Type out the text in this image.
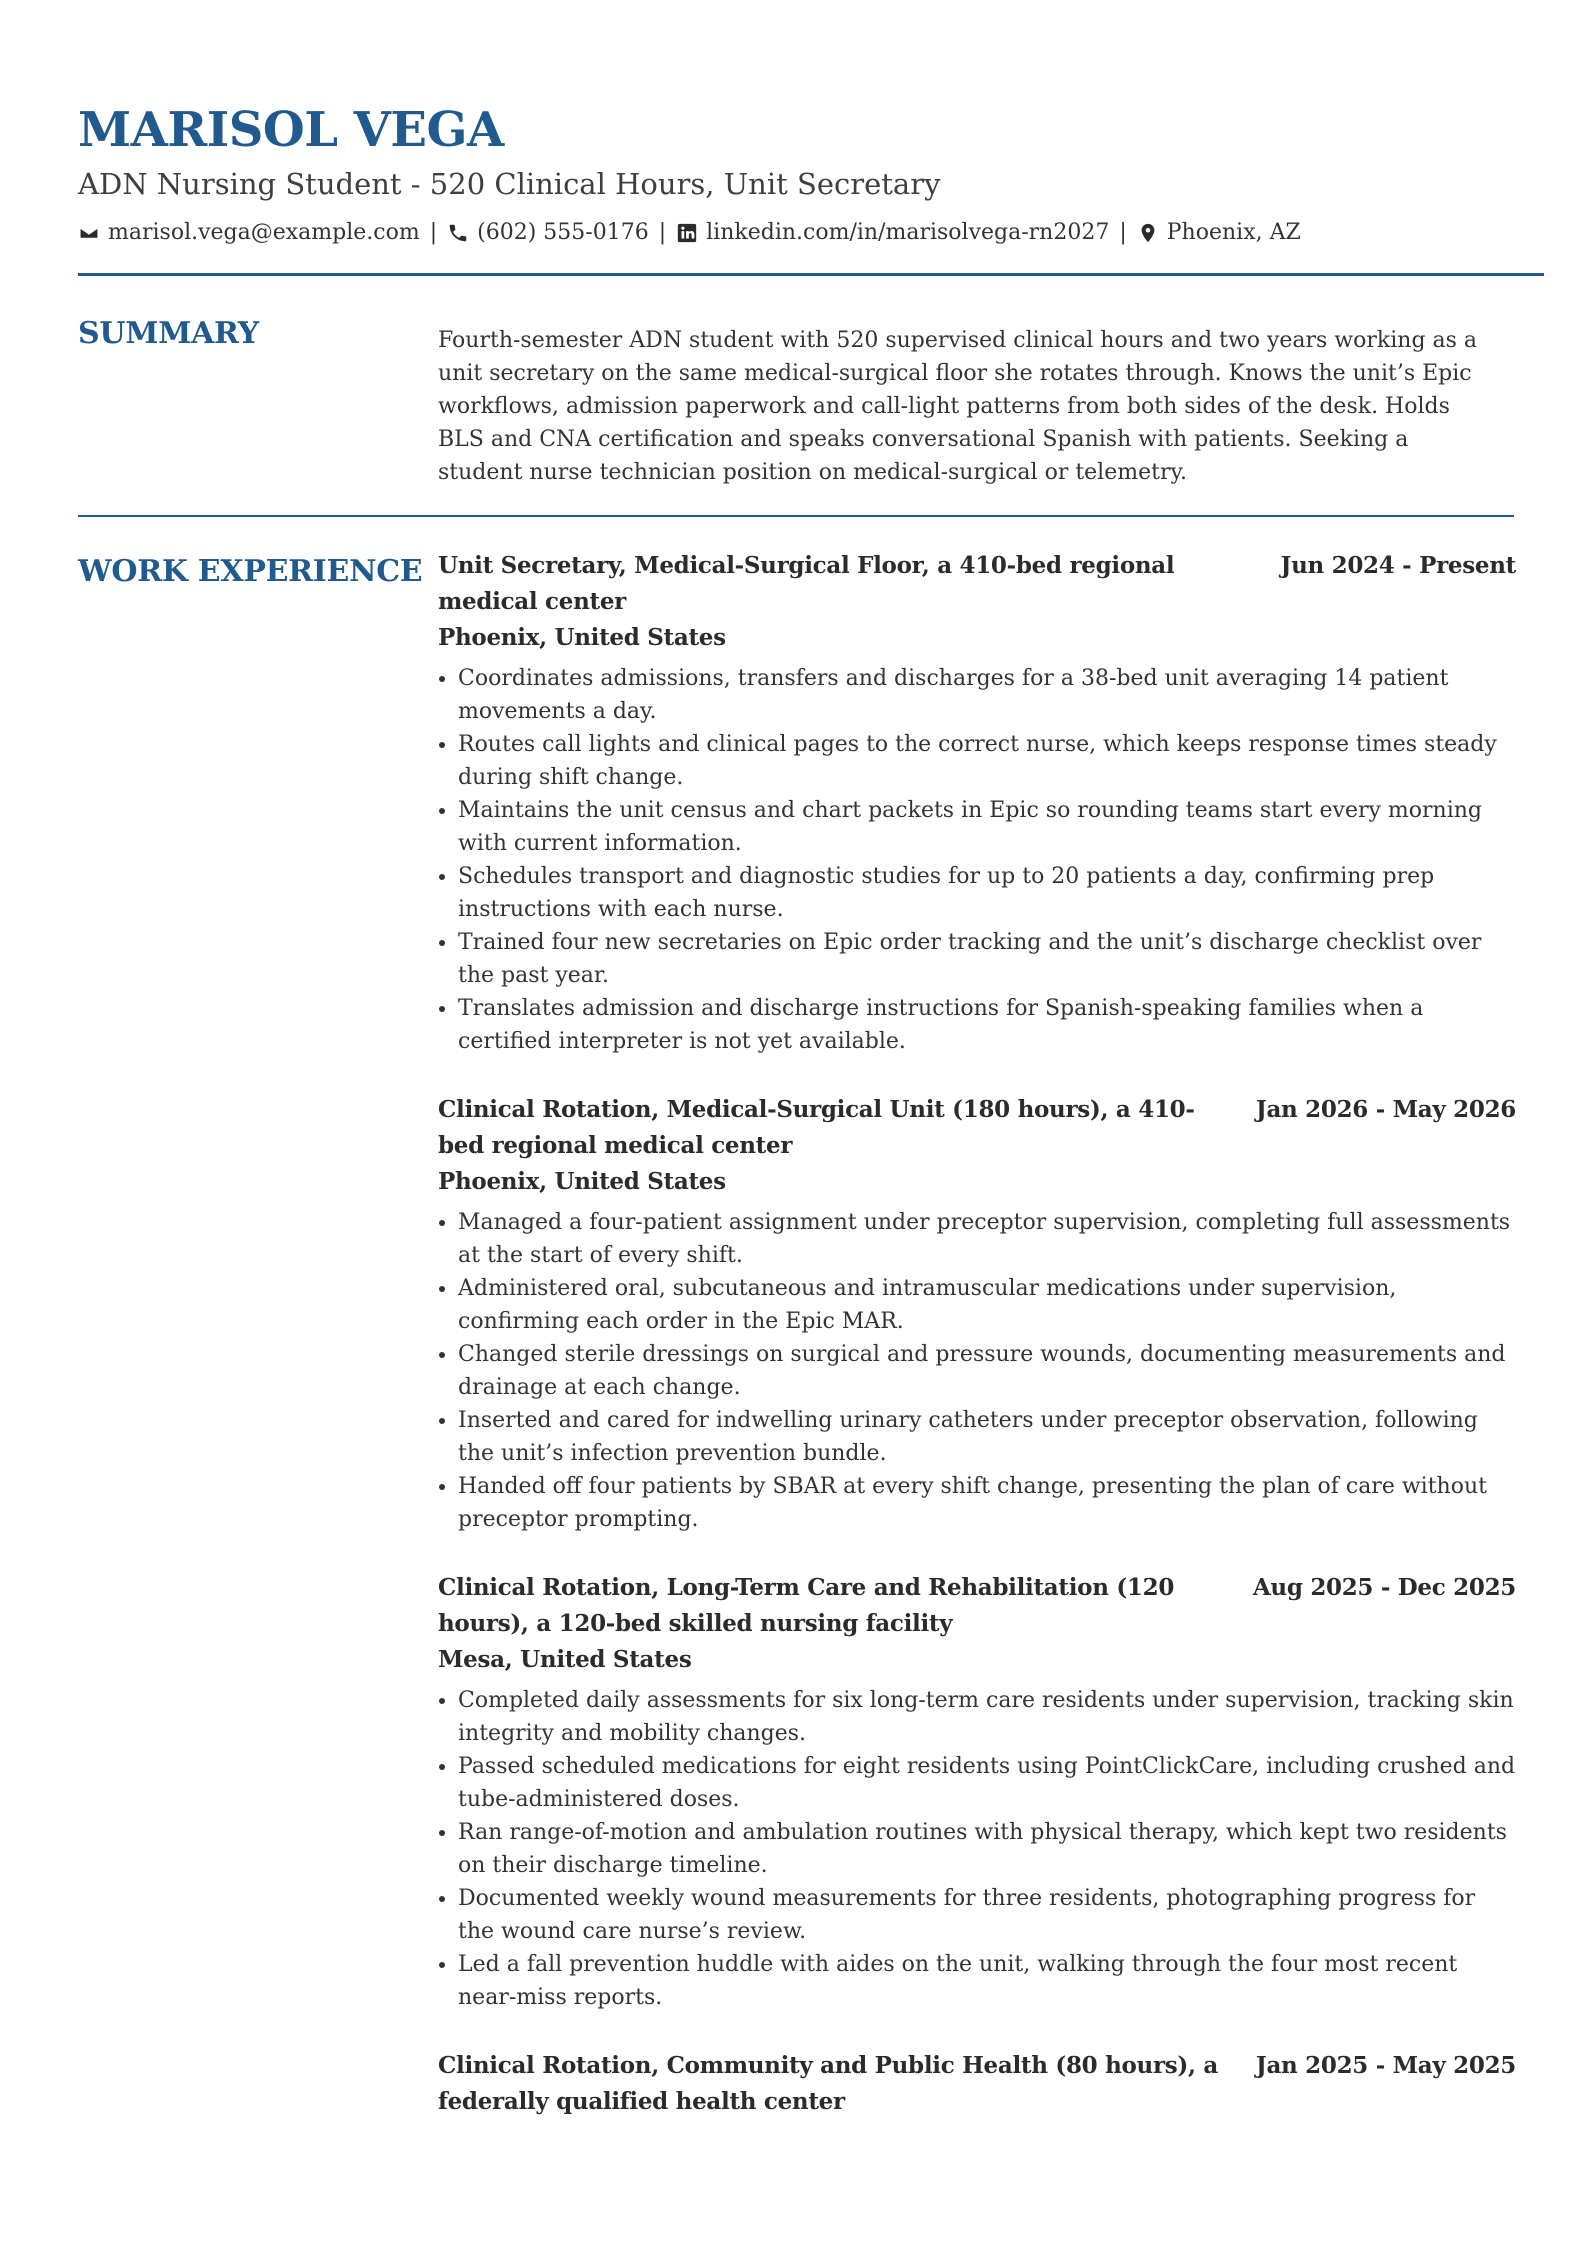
MARISOL VEGA
ADN Nursing Student - 520 Clinical Hours, Unit Secretary
marisol.vega@example.com | (602) 555-0176 | linkedin.com/in/marisolvega-rn2027 | Phoenix, AZ
SUMMARY	Fourth-semester ADN student with 520 supervised clinical hours and two years working as a unit secretary on the same medical-surgical floor she rotates through. Knows the unit’s Epic workflows, admission paperwork and call-light patterns from both sides of the desk. Holds BLS and CNA certification and speaks conversational Spanish with patients. Seeking a student nurse technician position on medical-surgical or telemetry.

WORK EXPERIENCE Unit Secretary, Medical-Surgical Floor, a 410-bed regional medical center
Jun 2024 - Present
Phoenix, United States
• Coordinates admissions, transfers and discharges for a 38-bed unit averaging 14 patient movements a day.
• Routes call lights and clinical pages to the correct nurse, which keeps response times steady during shift change.
• Maintains the unit census and chart packets in Epic so rounding teams start every morning with current information.
• Schedules transport and diagnostic studies for up to 20 patients a day, confirming prep instructions with each nurse.
• Trained four new secretaries on Epic order tracking and the unit’s discharge checklist over the past year.
• Translates admission and discharge instructions for Spanish-speaking families when a certified interpreter is not yet available.
Clinical Rotation, Medical-Surgical Unit (180 hours), a 410-bed regional medical center
Jan 2026 - May 2026
Phoenix, United States
• Managed a four-patient assignment under preceptor supervision, completing full assessments at the start of every shift.
• Administered oral, subcutaneous and intramuscular medications under supervision, confirming each order in the Epic MAR.
• Changed sterile dressings on surgical and pressure wounds, documenting measurements and drainage at each change.
• Inserted and cared for indwelling urinary catheters under preceptor observation, following the unit’s infection prevention bundle.
• Handed off four patients by SBAR at every shift change, presenting the plan of care without preceptor prompting.
Clinical Rotation, Long-Term Care and Rehabilitation (120 hours), a 120-bed skilled nursing facility
Aug 2025 - Dec 2025
Mesa, United States
• Completed daily assessments for six long-term care residents under supervision, tracking skin integrity and mobility changes.
• Passed scheduled medications for eight residents using PointClickCare, including crushed and tube-administered doses.
• Ran range-of-motion and ambulation routines with physical therapy, which kept two residents on their discharge timeline.
• Documented weekly wound measurements for three residents, photographing progress for the wound care nurse’s review.
• Led a fall prevention huddle with aides on the unit, walking through the four most recent near-miss reports.
Clinical Rotation, Community and Public Health (80 hours), a federally qualified health center
Jan 2025 - May 2025
